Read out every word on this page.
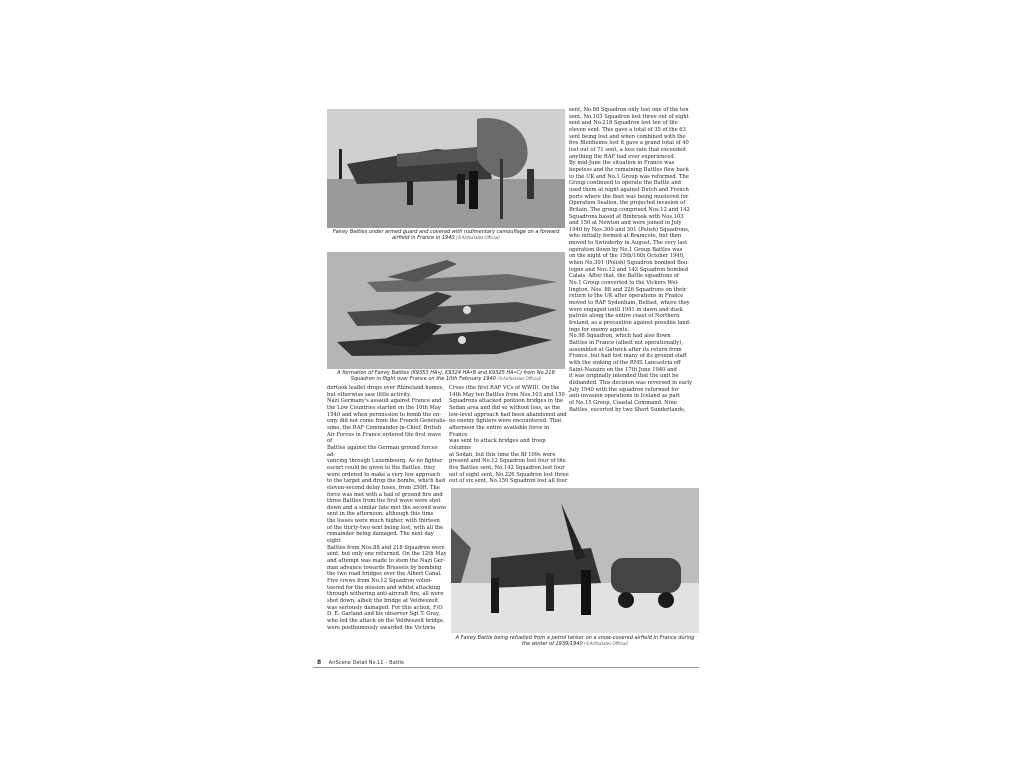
Fairey Battles under armed guard and covered with rudimentary camouflage on a forward airfield in France in 1940 (©Airfoxtales Official)
A formation of Fairey Battles (K9353 HA•J, K9324 HA•B and K9325 HA•C) from No.218 Squadron in flight over France on the 10th February 1940 (©Airfoxtales Official)
sent, No.88 Squadron only lost one of the ten
sent, No.103 Squadron lost three out of eight
sent and No.218 Squadron lost ten of the
eleven sent. This gave a total of 35 of the 63
sent being lost and when combined with the
five Blenheims lost it gave a grand total of 40
lost out of 71 sent, a loss rate that exceeded
anything the RAF had ever experienced.
By mid-June the situation in France was
hopeless and the remaining Battles flew back
to the UK and No.1 Group was reformed. The
Group continued to operate the Battle and
used them at night against Dutch and French
ports where the fleet was being mustered for
Operation Sealion, the projected invasion of
Britain. The group comprised Nos.12 and 142
Squadrons based at Binbrook with Nos.103
and 150 at Newton and were joined in July
1940 by Nos.300 and 301 (Polish) Squadrons,
who initially formed at Bramcote, but then
moved to Swinderby in August. The very last
operation flown by No.1 Group Battles was
on the night of the 15th/16th October 1940,
when No.301 (Polish) Squadron bombed Bou-
logne and Nos.12 and 142 Squadron bombed
Calais. After that, the Battle squadrons of
No.1 Group converted to the Vickers Wel-
lington. Nos. 88 and 226 Squadrons on their
return to the UK after operations in France
moved to RAF Sydenham, Belfast, where they
were engaged until 1941 in dawn and dusk
patrols along the entire coast of Northern
Ireland, as a precaution against possible land-
ings for enemy agents.
No.98 Squadron, which had also flown
Battles in France (albeit not operationally),
assembled at Gatwick after its return from
France, but had lost many of its ground staff
with the sinking of the RMS Lancastria off
Saint-Nazaire on the 17th June 1940 and
it was originally intended that the unit be
disbanded. This decision was reversed in early
July 1940 with the squadron reformed for
anti-invasion operations in Iceland as part
of No.15 Group, Coastal Command. Nine
Battles, escorted by two Short Sunderlands,
dertook leaflet drops over Rhineland homes,
but otherwise saw little activity.
Nazi Germany's assault against France and
the Low Countries started on the 10th May
1940 and when permission to bomb the en-
emy did not come from the French Generalis-
simo, the RAF Commander-in-Chief, British
Air Forces in France ordered the first wave of
Battles against the German ground forces ad-
vancing through Luxembourg. As no fighter
escort could be given to the Battles, they
were ordered to make a very low approach
to the target and drop the bombs, which had
eleven-second delay fuses, from 250ft. The
force was met with a hail of ground fire and
three Battles from the first wave were shot
down and a similar fate met the second wave
sent in the afternoon, although this time
the losses were much higher, with thirteen
of the thirty-two sent being lost, with all the
remainder being damaged. The next day eight
Battles from Nos.88 and 218 Squadron were
sent, but only one returned. On the 12th May
and attempt was made to stem the Nazi Ger-
man advance towards Brussels by bombing
the two road bridges over the Albert Canal.
Five crews from No.12 Squadron volun-
teered for the mission and whilst attacking
through withering anti-aircraft fire, all were
shot down, albeit the bridge at Veldwezelt
was seriously damaged. For this action, F/O
D. E. Garland and his observer Sgt T. Gray,
who led the attack on the Veldwezelt bridge,
were posthumously awarded the Victoria
Cross (the first RAF VCs of WWII). On the
14th May ten Battles from Nos.103 and 150
Squadrons attacked pontoon bridges in the
Sedan area and did so without loss, as the
low-level approach had been abandoned and
no enemy fighters were encountered. That
afternoon the entire available force in France
was sent to attack bridges and troop columns
at Sedan, but this time the Bf 109s were
present and No.12 Squadron lost four of the
five Battles sent, No.142 Squadron lost four
out of eight sent, No.226 Squadron lost three
out of six sent, No.150 Squadron lost all four
A Fairey Battle being refuelled from a petrol tanker on a snow-covered airfield in France during the winter of 1939/1940 (©Airfoxtales Official)
8 AirScene Detail No.11 – Battle
